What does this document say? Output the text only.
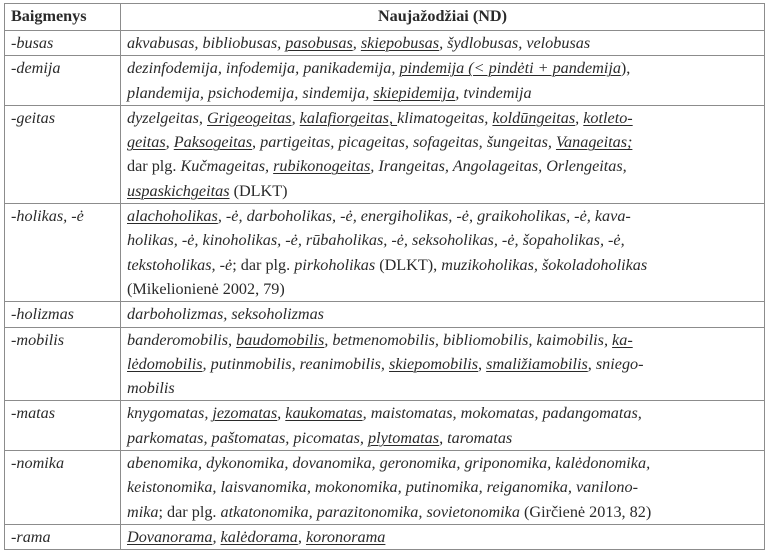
Baigmenys	Naujažodžiai (ND)
-busas	akvabusas, bibliobusas, pasobusas, skiepobusas, šydlobusas, velobusas

-demija	dezinfodemija, infodemija, panikademija, pindemija (< pindėti + pandemija),
plandemija, psichodemija, sindemija, skiepidemija, tvindemija

-geitas	dyzelgeitas, Grigeogeitas, kalafiorgeitas, klimatogeitas, koldūngeitas, kotleto-
geitas, Paksogeitas, partigeitas, picageitas, sofageitas, šungeitas, Vanageitas;
dar plg. Kučmageitas, rubikonogeitas, Irangeitas, Angolageitas, Orlengeitas,
uspaskichgeitas (DLKT)

-holikas, -ė	alachoholikas, -ė, darboholikas, -ė, energiholikas, -ė, graikoholikas, -ė, kava-
holikas, -ė, kinoholikas, -ė, rūbaholikas, -ė, seksoholikas, -ė, šopaholikas, -ė,
tekstoholikas, -ė; dar plg. pirkoholikas (DLKT), muzikoholikas, šokoladoholikas
(Mikelionienė 2002, 79)

-holizmas	darboholizmas, seksoholizmas

-mobilis	banderomobilis, baudomobilis, betmenomobilis, bibliomobilis, kaimobilis, ka-
lėdomobilis, putinmobilis, reanimobilis, skiepomobilis, smaližiamobilis, sniego-
mobilis

-matas	knygomatas, jezomatas, kaukomatas, maistomatas, mokomatas, padangomatas,
parkomatas, paštomatas, picomatas, plytomatas, taromatas

-nomika	abenomika, dykonomika, dovanomika, geronomika, griponomika, kalėdonomika,
keistonomika, laisvanomika, mokonomika, putinomika, reiganomika, vanilono-
mika; dar plg. atkatonomika, parazitonomika, sovietonomika (Girčienė 2013, 82)

-rama	Dovanorama, kalėdorama, koronorama
